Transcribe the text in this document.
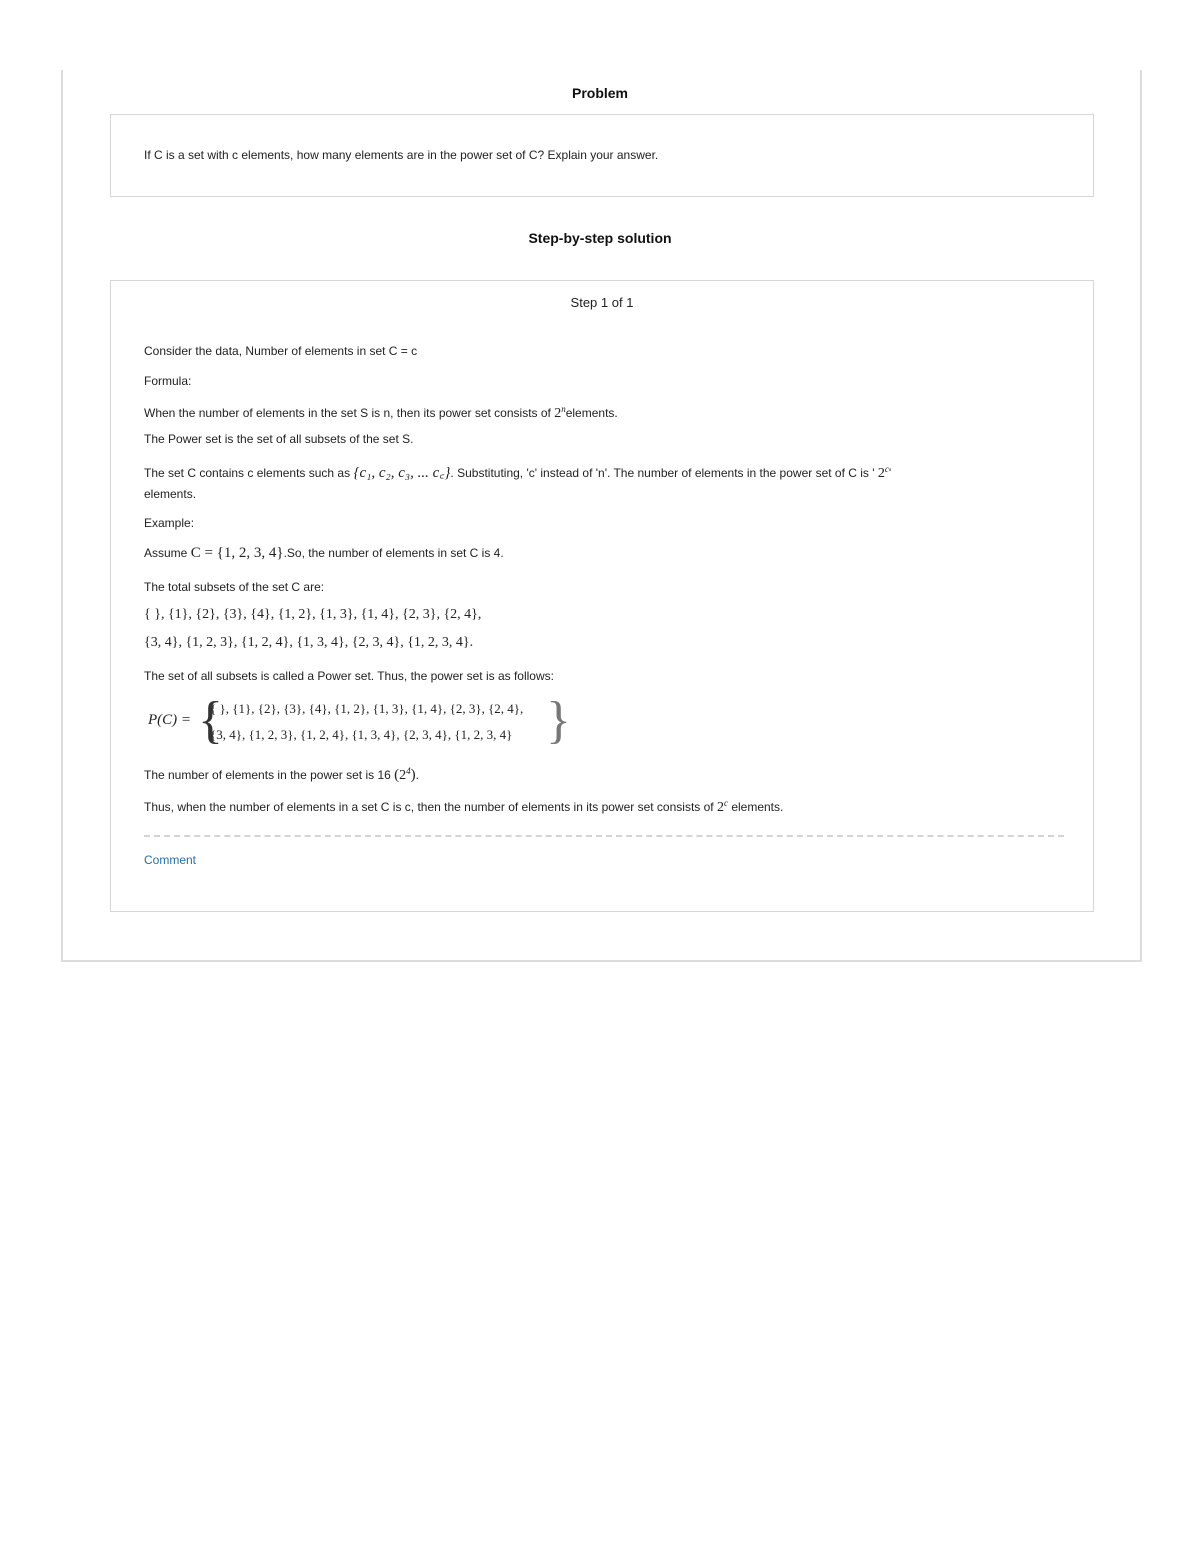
Problem
If C is a set with c elements, how many elements are in the power set of C? Explain your answer.
Step-by-step solution
Step 1 of 1
Consider the data, Number of elements in set C = c
Formula:
When the number of elements in the set S is n, then its power set consists of 2$^n$elements.
The Power set is the set of all subsets of the set S.
The set C contains c elements such as {c₁, c₂, c₃, ... c꜀}. Substituting, 'c' instead of 'n'. The number of elements in the power set of C is ' 2$^c$'
elements.
Example:
Assume C = {1, 2, 3, 4}.So, the number of elements in set C is 4.
The total subsets of the set C are:
{ }, {1}, {2}, {3}, {4}, {1, 2}, {1, 3}, {1, 4}, {2, 3}, {2, 4},
{3, 4}, {1, 2, 3}, {1, 2, 4}, {1, 3, 4}, {2, 3, 4}, {1, 2, 3, 4}.
The set of all subsets is called a Power set. Thus, the power set is as follows:
P(C) = {
{ }, {1}, {2}, {3}, {4}, {1, 2}, {1, 3}, {1, 4}, {2, 3}, {2, 4},
{3, 4}, {1, 2, 3}, {1, 2, 4}, {1, 3, 4}, {2, 3, 4}, {1, 2, 3, 4} }
The number of elements in the power set is 16 $(2^4)$.
Thus, when the number of elements in a set C is c, then the number of elements in its power set consists of 2$^c$ elements.
Comment
